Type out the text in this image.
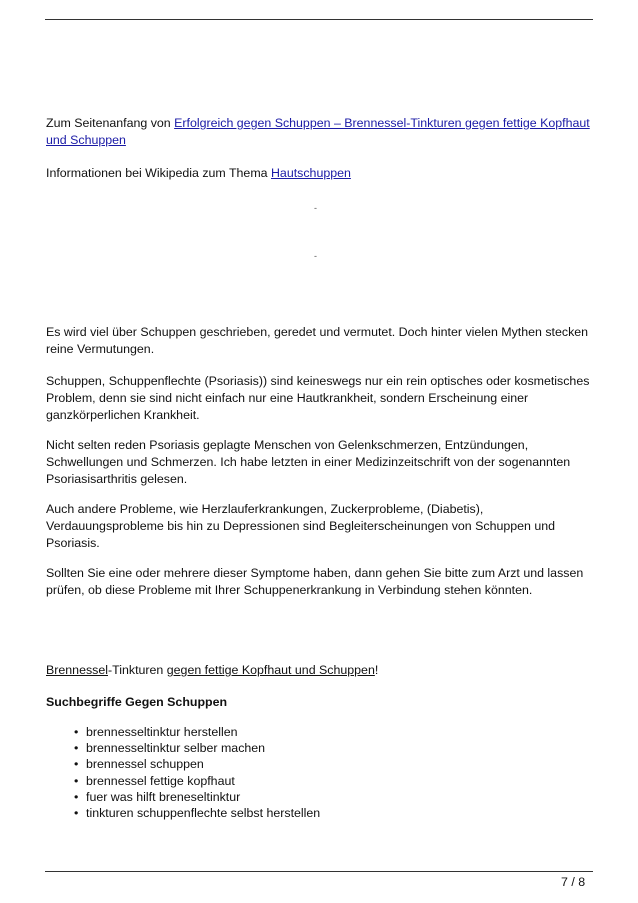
Zum Seitenanfang von Erfolgreich gegen Schuppen – Brennessel-Tinkturen gegen fettige Kopfhaut und Schuppen

Informationen bei Wikipedia zum Thema Hautschuppen

-
-

Es wird viel über Schuppen geschrieben, geredet und vermutet. Doch hinter vielen Mythen stecken reine Vermutungen.

Schuppen, Schuppenflechte (Psoriasis)) sind keineswegs nur ein rein optisches oder kosmetisches Problem, denn sie sind nicht einfach nur eine Hautkrankheit, sondern Erscheinung einer ganzkörperlichen Krankheit.

Nicht selten reden Psoriasis geplagte Menschen von Gelenkschmerzen, Entzündungen, Schwellungen und Schmerzen. Ich habe letzten in einer Medizinzeitschrift von der sogenannten Psoriasisarthritis gelesen.

Auch andere Probleme, wie Herzlauferkrankungen, Zuckerprobleme, (Diabetis), Verdauungsprobleme bis hin zu Depressionen sind Begleiterscheinungen von Schuppen und Psoriasis.

Sollten Sie eine oder mehrere dieser Symptome haben, dann gehen Sie bitte zum Arzt und lassen prüfen, ob diese Probleme mit Ihrer Schuppenerkrankung in Verbindung stehen könnten.

Brennessel-Tinkturen gegen fettige Kopfhaut und Schuppen!

Suchbegriffe Gegen Schuppen

• brennesseltinktur herstellen
• brennesseltinktur selber machen
• brennessel schuppen
• brennessel fettige kopfhaut
• fuer was hilft breneseltinktur
• tinkturen schuppenflechte selbst herstellen
7 / 8
